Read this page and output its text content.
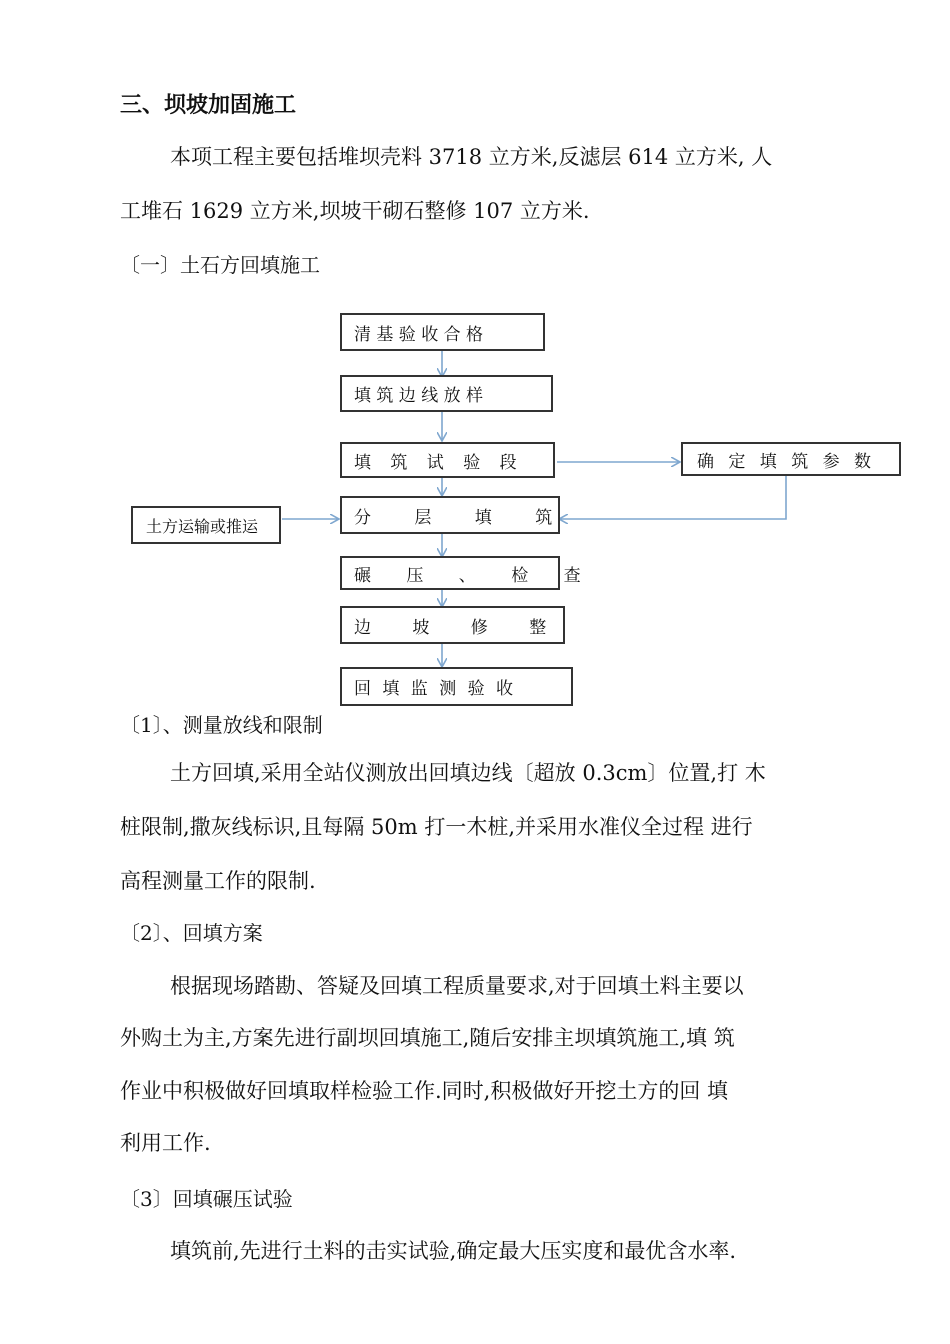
三、坝坡加固施工
本项工程主要包括堆坝壳料 3718 立方米,反滤层 614 立方米, 人
工堆石 1629 立方米,坝坡干砌石整修 107 立方米.
〔一〕土石方回填施工
清 基 验 收 合 格
填 筑 边 线 放 样
填 筑 试 验 段
分 层 填 筑
碾 压 、 检 查
边 坡 修 整
回 填 监 测 验 收
确 定 填 筑 参 数
土方运输或推运
〔1〕、测量放线和限制
土方回填,采用全站仪测放出回填边线〔超放 0.3cm〕位置,打 木
桩限制,撒灰线标识,且每隔 50m 打一木桩,并采用水准仪全过程 进行
高程测量工作的限制.
〔2〕、回填方案
根据现场踏勘、答疑及回填工程质量要求,对于回填土料主要以
外购土为主,方案先进行副坝回填施工,随后安排主坝填筑施工,填 筑
作业中积极做好回填取样检验工作.同时,积极做好开挖土方的回 填
利用工作.
〔3〕回填碾压试验
填筑前,先进行土料的击实试验,确定最大压实度和最优含水率.
